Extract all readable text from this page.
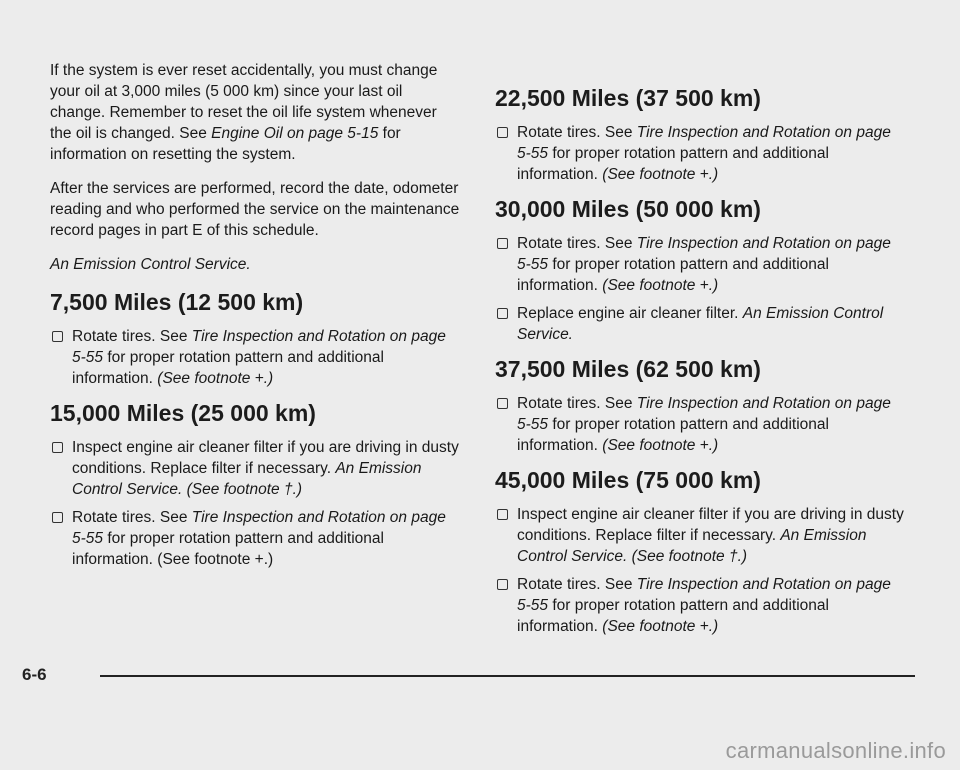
If the system is ever reset accidentally, you must change your oil at 3,000 miles (5 000 km) since your last oil change. Remember to reset the oil life system whenever the oil is changed. See Engine Oil on page 5-15 for information on resetting the system.

After the services are performed, record the date, odometer reading and who performed the service on the maintenance record pages in part E of this schedule.

An Emission Control Service.

7,500 Miles (12 500 km)
Rotate tires. See Tire Inspection and Rotation on page 5-55 for proper rotation pattern and additional information. (See footnote +.)
15,000 Miles (25 000 km)
Inspect engine air cleaner filter if you are driving in dusty conditions. Replace filter if necessary. An Emission Control Service. (See footnote †.)
Rotate tires. See Tire Inspection and Rotation on page 5-55 for proper rotation pattern and additional information. (See footnote +.)
22,500 Miles (37 500 km)
Rotate tires. See Tire Inspection and Rotation on page 5-55 for proper rotation pattern and additional information. (See footnote +.)
30,000 Miles (50 000 km)
Rotate tires. See Tire Inspection and Rotation on page 5-55 for proper rotation pattern and additional information. (See footnote +.)
Replace engine air cleaner filter. An Emission Control Service.
37,500 Miles (62 500 km)
Rotate tires. See Tire Inspection and Rotation on page 5-55 for proper rotation pattern and additional information. (See footnote +.)
45,000 Miles (75 000 km)
Inspect engine air cleaner filter if you are driving in dusty conditions. Replace filter if necessary. An Emission Control Service. (See footnote †.)
Rotate tires. See Tire Inspection and Rotation on page 5-55 for proper rotation pattern and additional information. (See footnote +.)
6-6
carmanualsonline.info
